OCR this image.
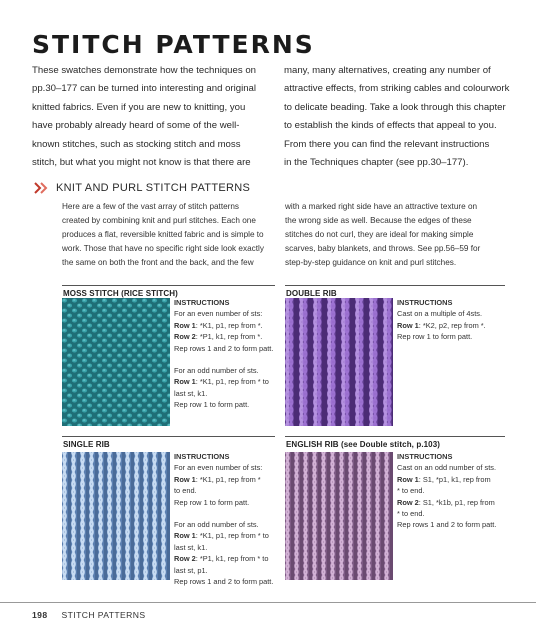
STITCH PATTERNS

These swatches demonstrate how the techniques on

pp.30–177 can be turned into interesting and original

knitted fabrics. Even if you are new to knitting, you

have probably already heard of some of the well-

known stitches, such as stocking stitch and moss

stitch, but what you might not know is that there are

many, many alternatives, creating any number of

attractive effects, from striking cables and colourwork

to delicate beading. Take a look through this chapter

to establish the kinds of effects that appeal to you.

From there you can find the relevant instructions

in the Techniques chapter (see pp.30–177).

KNIT AND PURL STITCH PATTERNS

Here are a few of the vast array of stitch patterns

created by combining knit and purl stitches. Each one

produces a flat, reversible knitted fabric and is simple to

work. Those that have no specific right side look exactly

the same on both the front and the back, and the few

with a marked right side have an attractive texture on

the wrong side as well. Because the edges of these

stitches do not curl, they are ideal for making simple

scarves, baby blankets, and throws. See pp.56–59 for

step-by-step guidance on knit and purl stitches.

MOSS STITCH (RICE STITCH)
INSTRUCTIONS
For an even number of sts:
Row 1: *K1, p1, rep from *.
Row 2: *P1, k1, rep from *.
Rep rows 1 and 2 to form patt.
For an odd number of sts.
Row 1: *K1, p1, rep from * to
last st, k1.
Rep row 1 to form patt.
DOUBLE RIB
INSTRUCTIONS
Cast on a multiple of 4sts.
Row 1: *K2, p2, rep from *.
Rep row 1 to form patt.
SINGLE RIB
INSTRUCTIONS
For an even number of sts:
Row 1: *K1, p1, rep from *
to end.
Rep row 1 to form patt.
For an odd number of sts.
Row 1: *K1, p1, rep from * to
last st, k1.
Row 2: *P1, k1, rep from * to
last st, p1.
Rep rows 1 and 2 to form patt.
ENGLISH RIB (see Double stitch, p.103)
INSTRUCTIONS
Cast on an odd number of sts.
Row 1: S1, *p1, k1, rep from
* to end.
Row 2: S1, *k1b, p1, rep from
* to end.
Rep rows 1 and 2 to form patt.
198 STITCH PATTERNS
